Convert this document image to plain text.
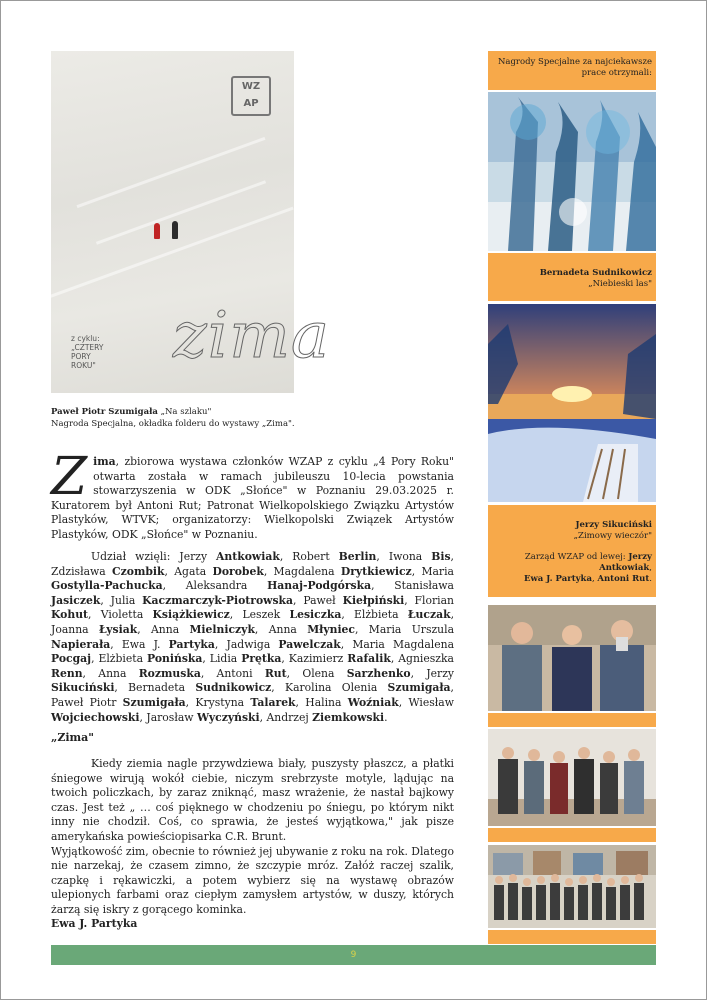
WZ
AP
z cyklu:
„CZTERY
PORY
ROKU" zima
Paweł Piotr Szumigała „Na szlaku"
Nagroda Specjalna, okładka folderu do wystawy „Zima".
Zima, zbiorowa wystawa członków WZAP z cyklu „4 Pory Roku" otwarta została w ramach jubileuszu 10-lecia powstania stowarzyszenia w ODK „Słońce" w Poznaniu 29.03.2025 r. Kuratorem był Antoni Rut; Patronat Wielkopolskiego Związku Artystów Plastyków, WTVK; organizatorzy: Wielkopolski Związek Artystów Plastyków, ODK „Słońce" w Poznaniu.
Udział wzięli: Jerzy Antkowiak, Robert Berlin, Iwona Bis, Zdzisława Czombik, Agata Dorobek, Magdalena Drytkiewicz, Maria Gostylla-Pachucka, Aleksandra Hanaj-Podgórska, Stanisława Jasiczek, Julia Kaczmarczyk-Piotrowska, Paweł Kiełpiński, Florian Kohut, Violetta Książkiewicz, Leszek Lesiczka, Elżbieta Łuczak, Joanna Łysiak, Anna Mielniczyk, Anna Młyniec, Maria Urszula Napierała, Ewa J. Partyka, Jadwiga Pawelczak, Maria Magdalena Pocgaj, Elżbieta Ponińska, Lidia Prętka, Kazimierz Rafalik, Agnieszka Renn, Anna Rozmuska, Antoni Rut, Olena Sarzhenko, Jerzy Sikuciński, Bernadeta Sudnikowicz, Karolina Olenia Szumigała, Paweł Piotr Szumigała, Krystyna Talarek, Halina Woźniak, Wiesław Wojciechowski, Jarosław Wyczyński, Andrzej Ziemkowski.
„Zima"
Kiedy ziemia nagle przywdziewa biały, puszysty płaszcz, a płatki śniegowe wirują wokół ciebie, niczym srebrzyste motyle, lądując na twoich policzkach, by zaraz zniknąć, masz wrażenie, że nastał bajkowy czas. Jest też „ … coś pięknego w chodzeniu po śniegu, po którym nikt inny nie chodził. Coś, co sprawia, że jesteś wyjątkowa," jak pisze amerykańska powieściopisarka C.R. Brunt.
Wyjątkowość zim, obecnie to również jej ubywanie z roku na rok. Dlatego nie narzekaj, że czasem zimno, że szczypie mróz. Załóż raczej szalik, czapkę i rękawiczki, a potem wybierz się na wystawę obrazów ulepionych farbami oraz ciepłym zamysłem artystów, w duszy, których żarzą się iskry z gorącego kominka.
Ewa J. Partyka
Nagrody Specjalne za najciekawsze
prace otrzymali:
Bernadeta Sudnikowicz
„Niebieski las"
Jerzy Sikuciński
„Zimowy wieczór"
Zarząd WZAP od lewej: Jerzy Antkowiak,
Ewa J. Partyka, Antoni Rut.
9
